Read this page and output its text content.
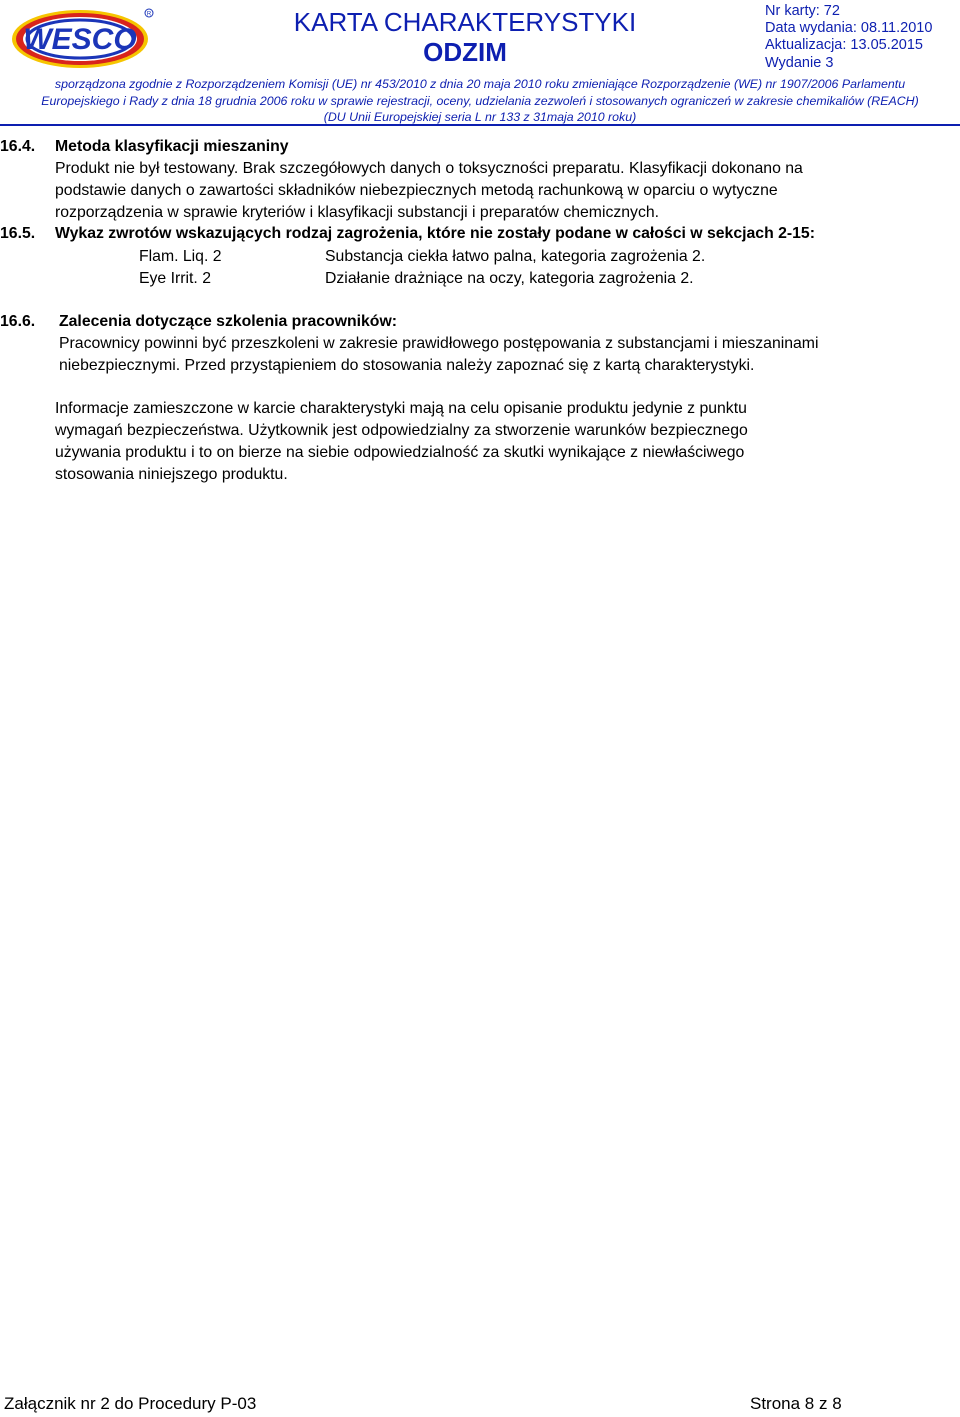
WESCO
R	KARTA CHARAKTERYSTYKI
ODZIM
Nr karty: 72
Data wydania: 08.11.2010
Aktualizacja: 13.05.2015
Wydanie 3
sporządzona zgodnie z Rozporządzeniem Komisji (UE) nr 453/2010 z dnia 20 maja 2010 roku zmieniające Rozporządzenie (WE) nr 1907/2006 Parlamentu
Europejskiego i Rady z dnia 18 grudnia 2006 roku w sprawie rejestracji, oceny, udzielania zezwoleń i stosowanych ograniczeń w zakresie chemikaliów (REACH)
(DU Unii Europejskiej seria L nr 133 z 31maja 2010 roku)
16.4. Metoda klasyfikacji mieszaniny
Produkt nie był testowany. Brak szczegółowych danych o toksyczności preparatu. Klasyfikacji dokonano na
podstawie danych o zawartości składników niebezpiecznych metodą rachunkową w oparciu o wytyczne
rozporządzenia w sprawie kryteriów i klasyfikacji substancji i preparatów chemicznych.
16.5. Wykaz zwrotów wskazujących rodzaj zagrożenia, które nie zostały podane w całości w sekcjach 2-15:
Flam. Liq. 2	Substancja ciekła łatwo palna, kategoria zagrożenia 2.
Eye Irrit. 2	Działanie drażniące na oczy, kategoria zagrożenia 2.
16.6. Zalecenia dotyczące szkolenia pracowników:
Pracownicy powinni być przeszkoleni w zakresie prawidłowego postępowania z substancjami i mieszaninami
niebezpiecznymi. Przed przystąpieniem do stosowania należy zapoznać się z kartą charakterystyki.
Informacje zamieszczone w karcie charakterystyki mają na celu opisanie produktu jedynie z punktu
wymagań bezpieczeństwa. Użytkownik jest odpowiedzialny za stworzenie warunków bezpiecznego
używania produktu i to on bierze na siebie odpowiedzialność za skutki wynikające z niewłaściwego
stosowania niniejszego produktu.
Załącznik nr 2 do Procedury P-03	Strona 8 z 8
